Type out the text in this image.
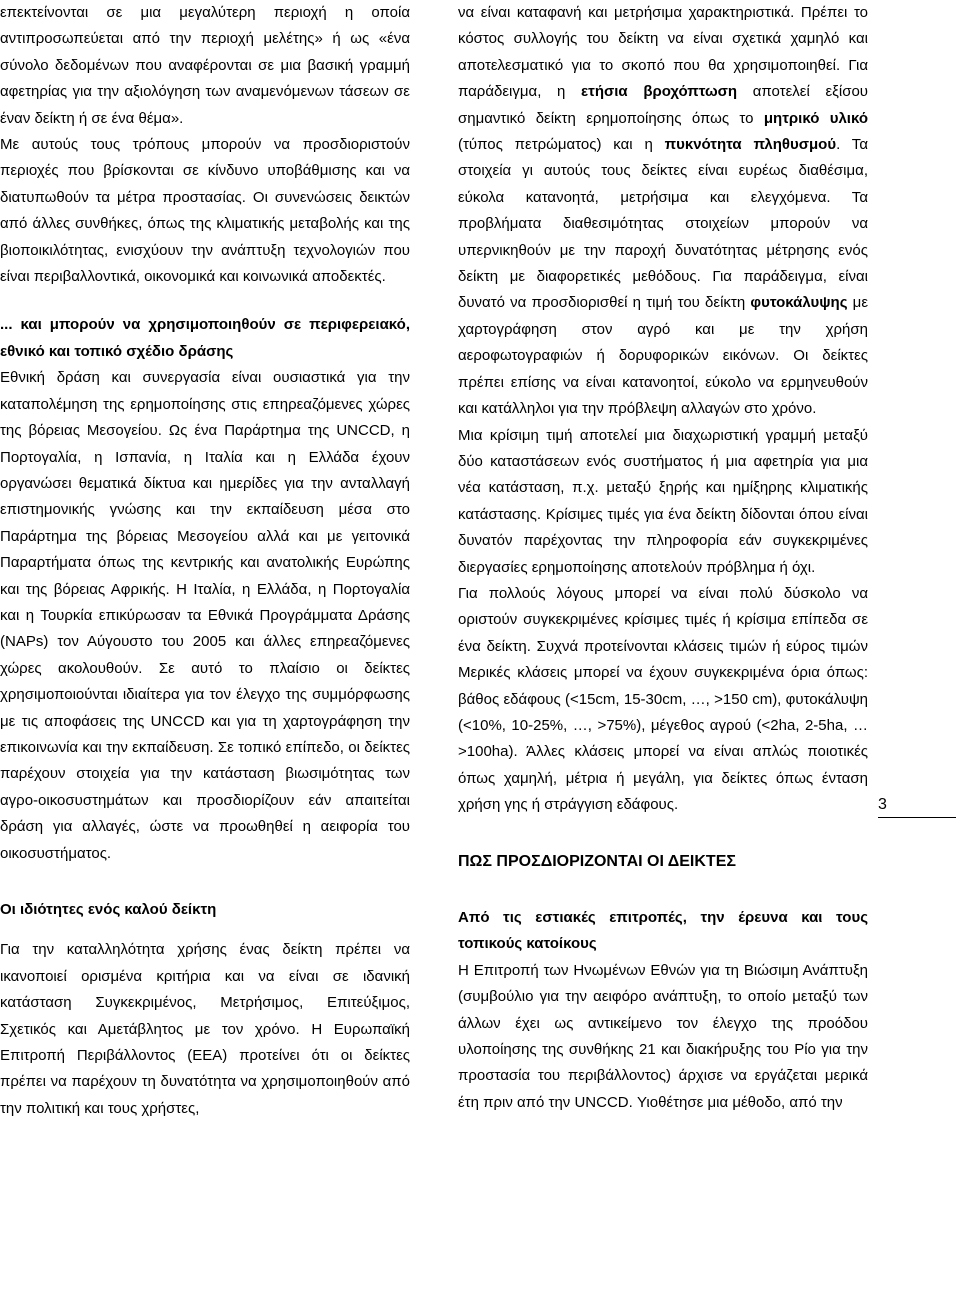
επεκτείνονται σε μια μεγαλύτερη περιοχή η οποία αντιπροσωπεύεται από την περιοχή μελέτης» ή ως «ένα σύνολο δεδομένων που αναφέρονται σε μια βασική γραμμή αφετηρίας για την αξιολόγηση των αναμενόμενων τάσεων σε έναν δείκτη ή σε ένα θέμα».

Με αυτούς τους τρόπους μπορούν να προσδιοριστούν περιοχές που βρίσκονται σε κίνδυνο υποβάθμισης και να διατυπωθούν τα μέτρα προστασίας. Οι συνενώσεις δεικτών από άλλες συνθήκες, όπως της κλιματικής μεταβολής και της βιοποικιλότητας, ενισχύουν την ανάπτυξη τεχνολογιών που είναι περιβαλλοντικά, οικονομικά και κοινωνικά αποδεκτές.

... και μπορούν να χρησιμοποιηθούν σε περιφερειακό, εθνικό και τοπικό σχέδιο δράσης

Εθνική δράση και συνεργασία είναι ουσιαστικά για την καταπολέμηση της ερημοποίησης στις επηρεαζόμενες χώρες της βόρειας Μεσογείου. Ως ένα Παράρτημα της UNCCD, η Πορτογαλία, η Ισπανία, η Ιταλία και η Ελλάδα έχουν οργανώσει θεματικά δίκτυα και ημερίδες για την ανταλλαγή επιστημονικής γνώσης και την εκπαίδευση μέσα στο Παράρτημα της βόρειας Μεσογείου αλλά και με γειτονικά Παραρτήματα όπως της κεντρικής και ανατολικής Ευρώπης και της βόρειας Αφρικής. Η Ιταλία, η Ελλάδα, η Πορτογαλία και η Τουρκία επικύρωσαν τα Εθνικά Προγράμματα Δράσης (NAPs) τον Αύγουστο του 2005 και άλλες επηρεαζόμενες χώρες ακολουθούν. Σε αυτό το πλαίσιο οι δείκτες χρησιμοποιούνται ιδιαίτερα για τον έλεγχο της συμμόρφωσης με τις αποφάσεις της UNCCD και για τη χαρτογράφηση την επικοινωνία και την εκπαίδευση. Σε τοπικό επίπεδο, οι δείκτες παρέχουν στοιχεία για την κατάσταση βιωσιμότητας των αγρο-οικοσυστημάτων και προσδιορίζουν εάν απαιτείται δράση για αλλαγές, ώστε να προωθηθεί η αειφορία του οικοσυστήματος.

Οι ιδιότητες ενός καλού δείκτη

Για την καταλληλότητα χρήσης ένας δείκτη πρέπει να ικανοποιεί ορισμένα κριτήρια και να είναι σε ιδανική κατάσταση Συγκεκριμένος, Μετρήσιμος, Επιτεύξιμος, Σχετικός και Αμετάβλητος με τον χρόνο. Η Ευρωπαϊκή Επιτροπή Περιβάλλοντος (ΕΕΑ) προτείνει ότι οι δείκτες πρέπει να παρέχουν τη δυνατότητα να χρησιμοποιηθούν από την πολιτική και τους χρήστες,

να είναι καταφανή και μετρήσιμα χαρακτηριστικά. Πρέπει το κόστος συλλογής του δείκτη να είναι σχετικά χαμηλό και αποτελεσματικό για το σκοπό που θα χρησιμοποιηθεί. Για παράδειγμα, η ετήσια βροχόπτωση αποτελεί εξίσου σημαντικό δείκτη ερημοποίησης όπως το μητρικό υλικό (τύπος πετρώματος) και η πυκνότητα πληθυσμού. Τα στοιχεία γι αυτούς τους δείκτες είναι ευρέως διαθέσιμα, εύκολα κατανοητά, μετρήσιμα και ελεγχόμενα. Τα προβλήματα διαθεσιμότητας στοιχείων μπορούν να υπερνικηθούν με την παροχή δυνατότητας μέτρησης ενός δείκτη με διαφορετικές μεθόδους. Για παράδειγμα, είναι δυνατό να προσδιορισθεί η τιμή του δείκτη φυτοκάλυψης με χαρτογράφηση στον αγρό και με την χρήση αεροφωτογραφιών ή δορυφορικών εικόνων. Οι δείκτες πρέπει επίσης να είναι κατανοητοί, εύκολο να ερμηνευθούν και κατάλληλοι για την πρόβλεψη αλλαγών στο χρόνο.

Μια κρίσιμη τιμή αποτελεί μια διαχωριστική γραμμή μεταξύ δύο καταστάσεων ενός συστήματος ή μια αφετηρία για μια νέα κατάσταση, π.χ. μεταξύ ξηρής και ημίξηρης κλιματικής κατάστασης. Κρίσιμες τιμές για ένα δείκτη δίδονται όπου είναι δυνατόν παρέχοντας την πληροφορία εάν συγκεκριμένες διεργασίες ερημοποίησης αποτελούν πρόβλημα ή όχι.

Για πολλούς λόγους μπορεί να είναι πολύ δύσκολο να οριστούν συγκεκριμένες κρίσιμες τιμές ή κρίσιμα επίπεδα σε ένα δείκτη. Συχνά προτείνονται κλάσεις τιμών ή εύρος τιμών Μερικές κλάσεις μπορεί να έχουν συγκεκριμένα όρια όπως: βάθος εδάφους (<15cm, 15-30cm, …, >150 cm), φυτοκάλυψη (<10%, 10-25%, …, >75%), μέγεθος αγρού (<2ha, 2-5ha, … >100ha). Άλλες κλάσεις μπορεί να είναι απλώς ποιοτικές όπως χαμηλή, μέτρια ή μεγάλη, για δείκτες όπως ένταση χρήση γης ή στράγγιση εδάφους.

ΠΩΣ ΠΡΟΣΔΙΟΡΙΖΟΝΤΑΙ ΟΙ ΔΕΙΚΤΕΣ

Από τις εστιακές επιτροπές, την έρευνα και τους τοπικούς κατοίκους

Η Επιτροπή των Ηνωμένων Εθνών για τη Βιώσιμη Ανάπτυξη (συμβούλιο για την αειφόρο ανάπτυξη, το οποίο μεταξύ των άλλων έχει ως αντικείμενο τον έλεγχο της προόδου υλοποίησης της συνθήκης 21 και διακήρυξης του Ρίο για την προστασία του περιβάλλοντος) άρχισε να εργάζεται μερικά έτη πριν από την UNCCD. Υιοθέτησε μια μέθοδο, από την

3
